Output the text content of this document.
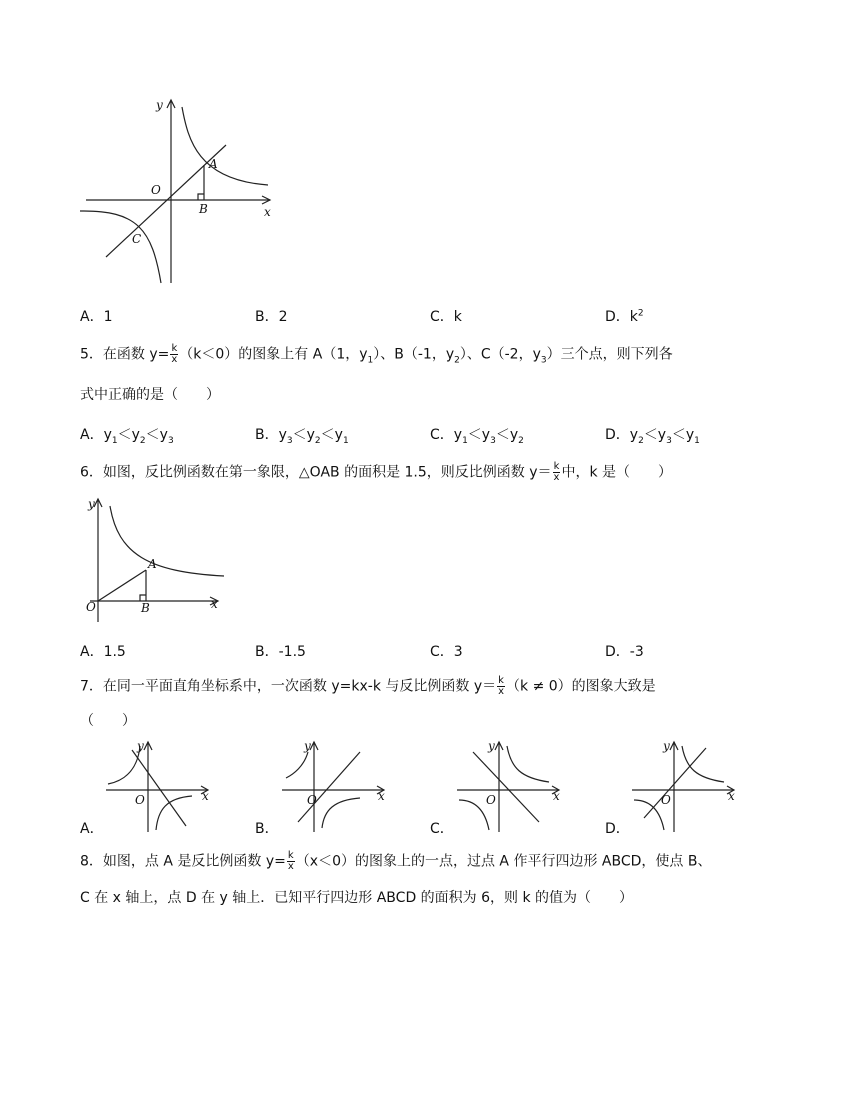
y
x
O
A
B
C
A．1	B．2	C．k	D．$k^2$
5．在函数 $y= \frac{k}{x} (k<0)$的图象上有 A（1，$y_1$）、B（-1，$y_2$）、C（-2，$y_3$）三个点，则下列各
式中正确的是（　　）
A．$y_1<y_2<y_3$	B．$y_3<y_2<y_1$	C．$y_1<y_3<y_2$	D．$y_2<y_3<y_1$
6．如图，反比例函数在第一象限，△OAB 的面积是 1.5，则反比例函数 $y= \frac{k}{x}$ 中，k 是（　　）
y
x
O
A
B
A．1.5	B．-1.5	C．3	D．-3
7．在同一平面直角坐标系中，一次函数 y=kx-k 与反比例函数 $y= \frac{k}{x} (k \ne 0)$的图象大致是
（　　）
y
x
O
A．
y
x
O
B．
y
x
O
C．
y
x
O
D．
8．如图，点 A 是反比例函数 $y= \frac{k}{x} (x<0)$的图象上的一点，过点 A 作平行四边形 ABCD，使点 B、
C 在 x 轴上，点 D 在 y 轴上．已知平行四边形 ABCD 的面积为 6，则 k 的值为（　　）
